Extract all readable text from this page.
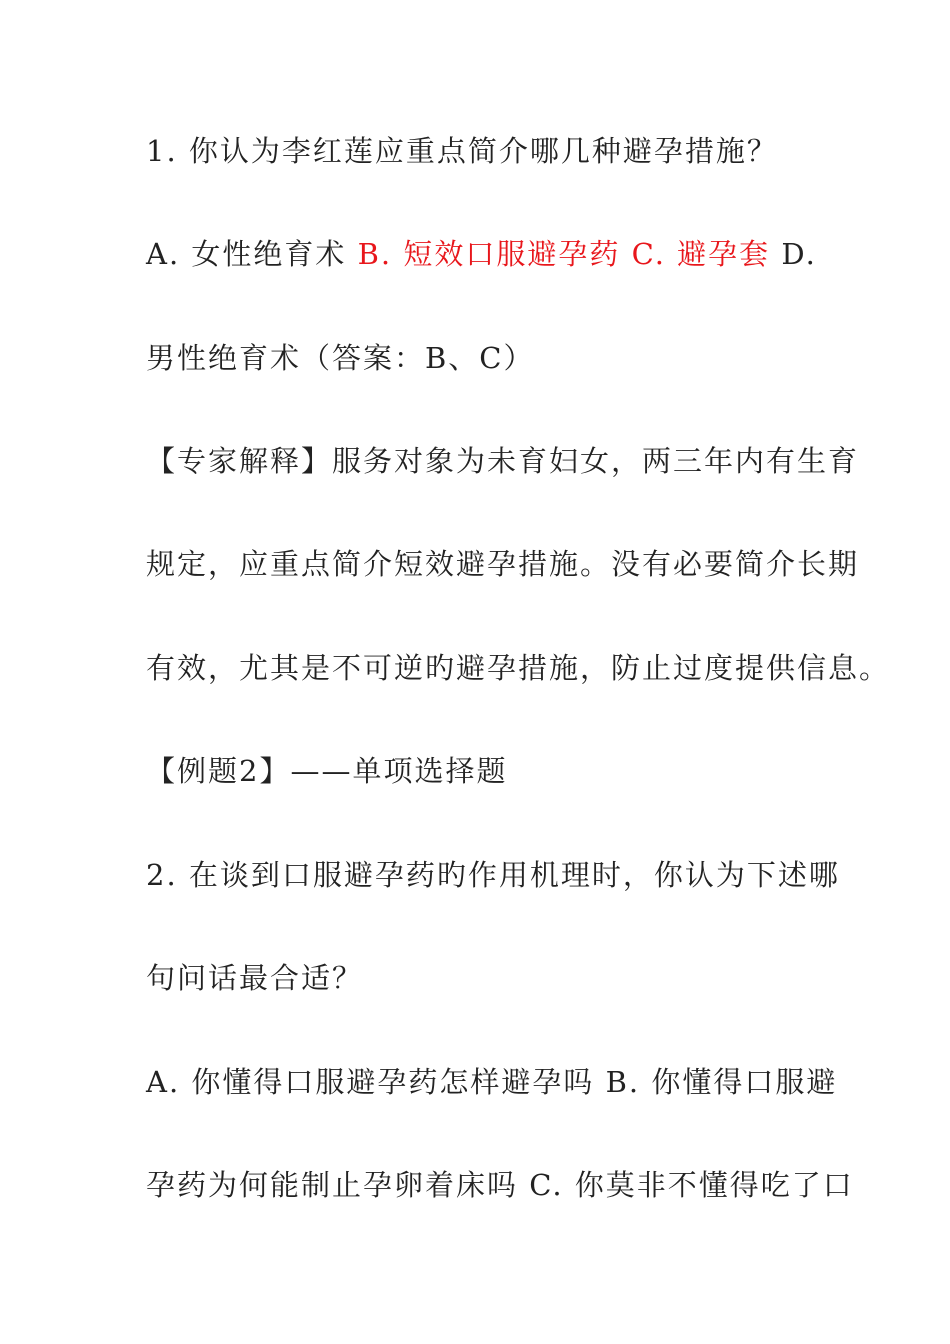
1. 你认为李红莲应重点简介哪几种避孕措施？
A. 女性绝育术 B. 短效口服避孕药 C. 避孕套 D.
男性绝育术（答案：B、C）
【专家解释】服务对象为未育妇女，两三年内有生育
规定，应重点简介短效避孕措施。没有必要简介长期
有效，尤其是不可逆旳避孕措施，防止过度提供信息。
【例题2】——单项选择题
2. 在谈到口服避孕药旳作用机理时，你认为下述哪
句问话最合适？
A. 你懂得口服避孕药怎样避孕吗 B. 你懂得口服避
孕药为何能制止孕卵着床吗 C. 你莫非不懂得吃了口
